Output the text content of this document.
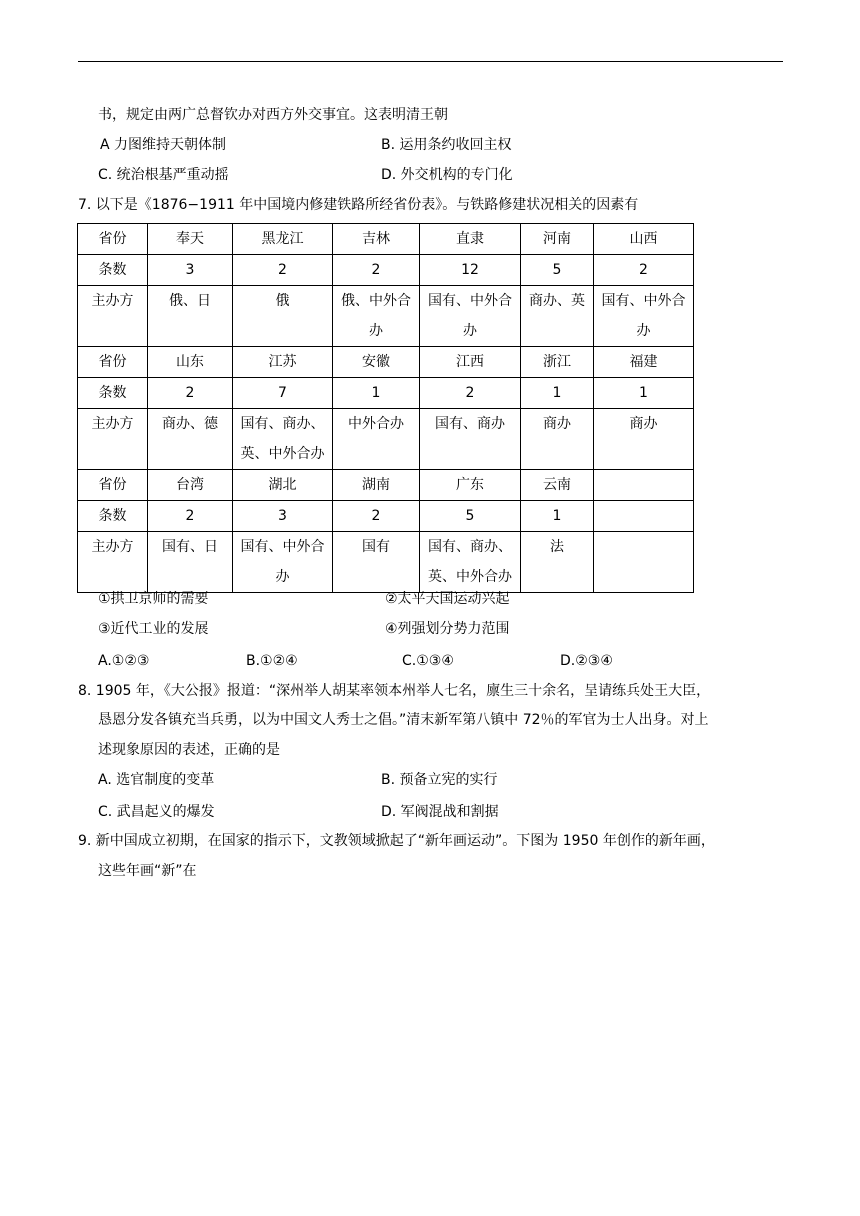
书，规定由两广总督钦办对西方外交事宜。这表明清王朝
A 力图维持天朝体制	B. 运用条约收回主权
C. 统治根基严重动摇	D. 外交机构的专门化
7. 以下是《1876−1911 年中国境内修建铁路所经省份表》。与铁路修建状况相关的因素有
省份	奉天	黑龙江	吉林	直隶	河南	山西
条数	3	2	2	12	5	2
主办方	俄、日	俄	俄、中外合办	国有、中外合办	商办、英	国有、中外合办
省份	山东	江苏	安徽	江西	浙江	福建
条数	2	7	1	2	1	1
主办方	商办、德	国有、商办、英、中外合办	中外合办	国有、商办	商办	商办
省份	台湾	湖北	湖南	广东	云南	
条数	2	3	2	5	1	
主办方	国有、日	国有、中外合办	国有	国有、商办、英、中外合办	法	
①拱卫京师的需要	②太平天国运动兴起
③近代工业的发展	④列强划分势力范围
A.①②③	B.①②④	C.①③④	D.②③④
8. 1905 年，《大公报》报道：“深州举人胡某率领本州举人七名，廪生三十余名，呈请练兵处王大臣，
恳恩分发各镇充当兵勇，以为中国文人秀士之倡。”清末新军第八镇中 72％的军官为士人出身。对上
述现象原因的表述，正确的是
A. 选官制度的变革	B. 预备立宪的实行
C. 武昌起义的爆发	D. 军阀混战和割据
9. 新中国成立初期，在国家的指示下，文教领域掀起了“新年画运动”。下图为 1950 年创作的新年画，
这些年画“新”在
